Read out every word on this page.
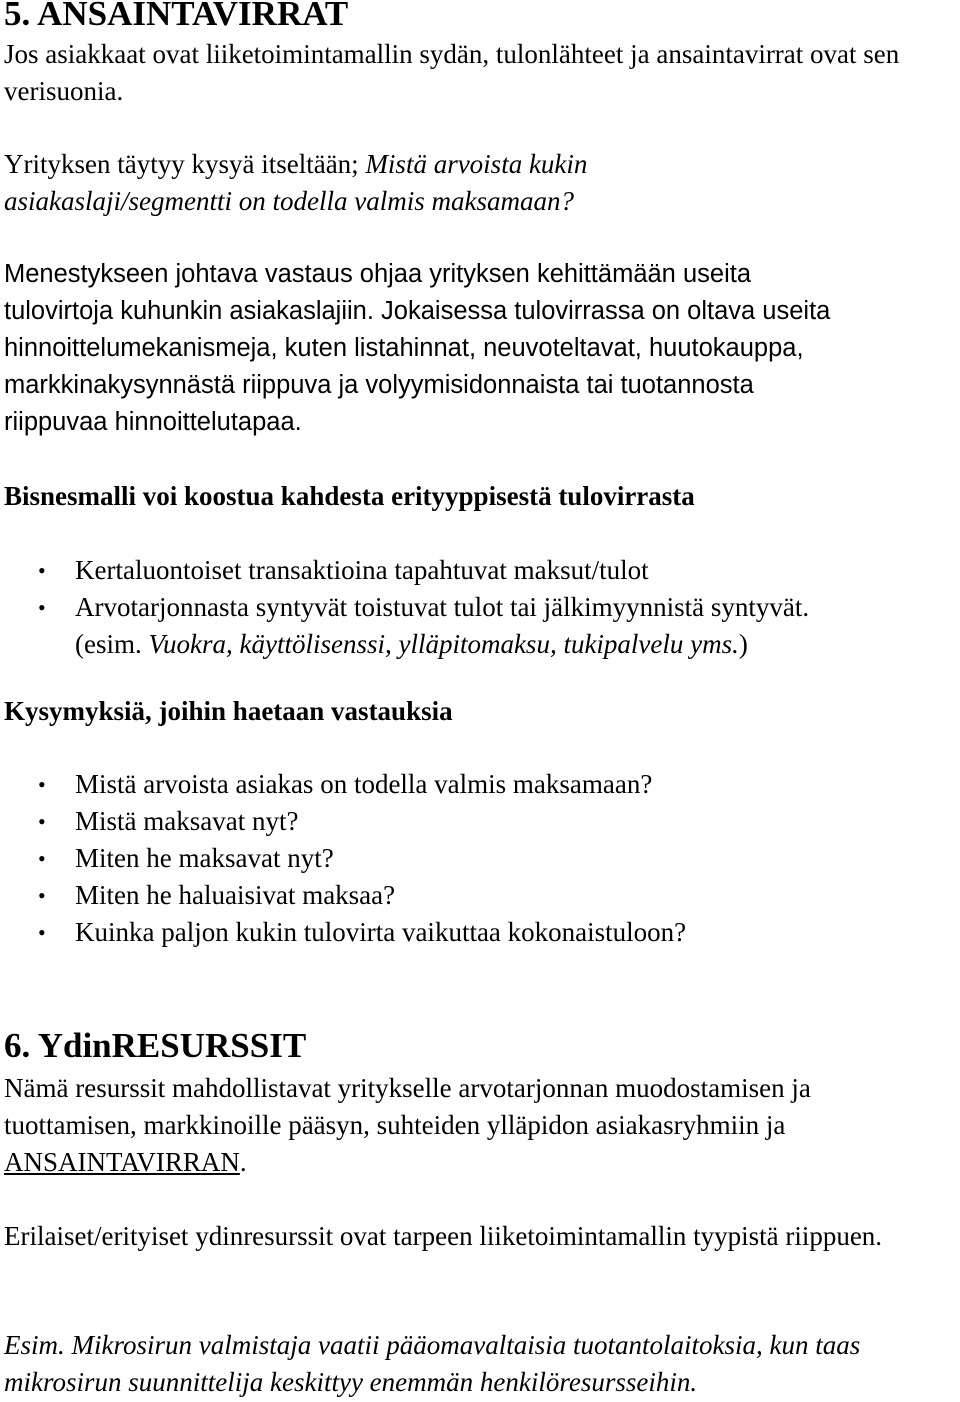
5. ANSAINTAVIRRAT

Jos asiakkaat ovat liiketoimintamallin sydän, tulonlähteet ja ansaintavirrat ovat sen verisuonia.

Yrityksen täytyy kysyä itseltään; Mistä arvoista kukin asiakaslaji/segmentti on todella valmis maksamaan?

Menestykseen johtava vastaus ohjaa yrityksen kehittämään useita
tulovirtoja kuhunkin asiakaslajiin. Jokaisessa tulovirrassa on oltava useita
hinnoittelumekanismeja, kuten listahinnat, neuvoteltavat, huutokauppa,
markkinakysynnästä riippuva ja volyymisidonnaista tai tuotannosta
riippuvaa hinnoittelutapaa.
Bisnesmalli voi koostua kahdesta erityyppisestä tulovirrasta
• Kertaluontoiset transaktioina tapahtuvat maksut/tulot
• Arvotarjonnasta syntyvät toistuvat tulot tai jälkimyynnistä syntyvät.
(esim. Vuokra, käyttölisenssi, ylläpitomaksu, tukipalvelu yms.)
Kysymyksiä, joihin haetaan vastauksia
• Mistä arvoista asiakas on todella valmis maksamaan?
• Mistä maksavat nyt?
• Miten he maksavat nyt?
• Miten he haluaisivat maksaa?
• Kuinka paljon kukin tulovirta vaikuttaa kokonaistuloon?
6. YdinRESURSSIT
Nämä resurssit mahdollistavat yritykselle arvotarjonnan muodostamisen ja
tuottamisen, markkinoille pääsyn, suhteiden ylläpidon asiakasryhmiin ja
ANSAINTAVIRRAN.

Erilaiset/erityiset ydinresurssit ovat tarpeen liiketoimintamallin tyypistä riippuen.

Esim. Mikrosirun valmistaja vaatii pääomavaltaisia tuotantolaitoksia, kun taas mikrosirun suunnittelija keskittyy enemmän henkilöresursseihin.
